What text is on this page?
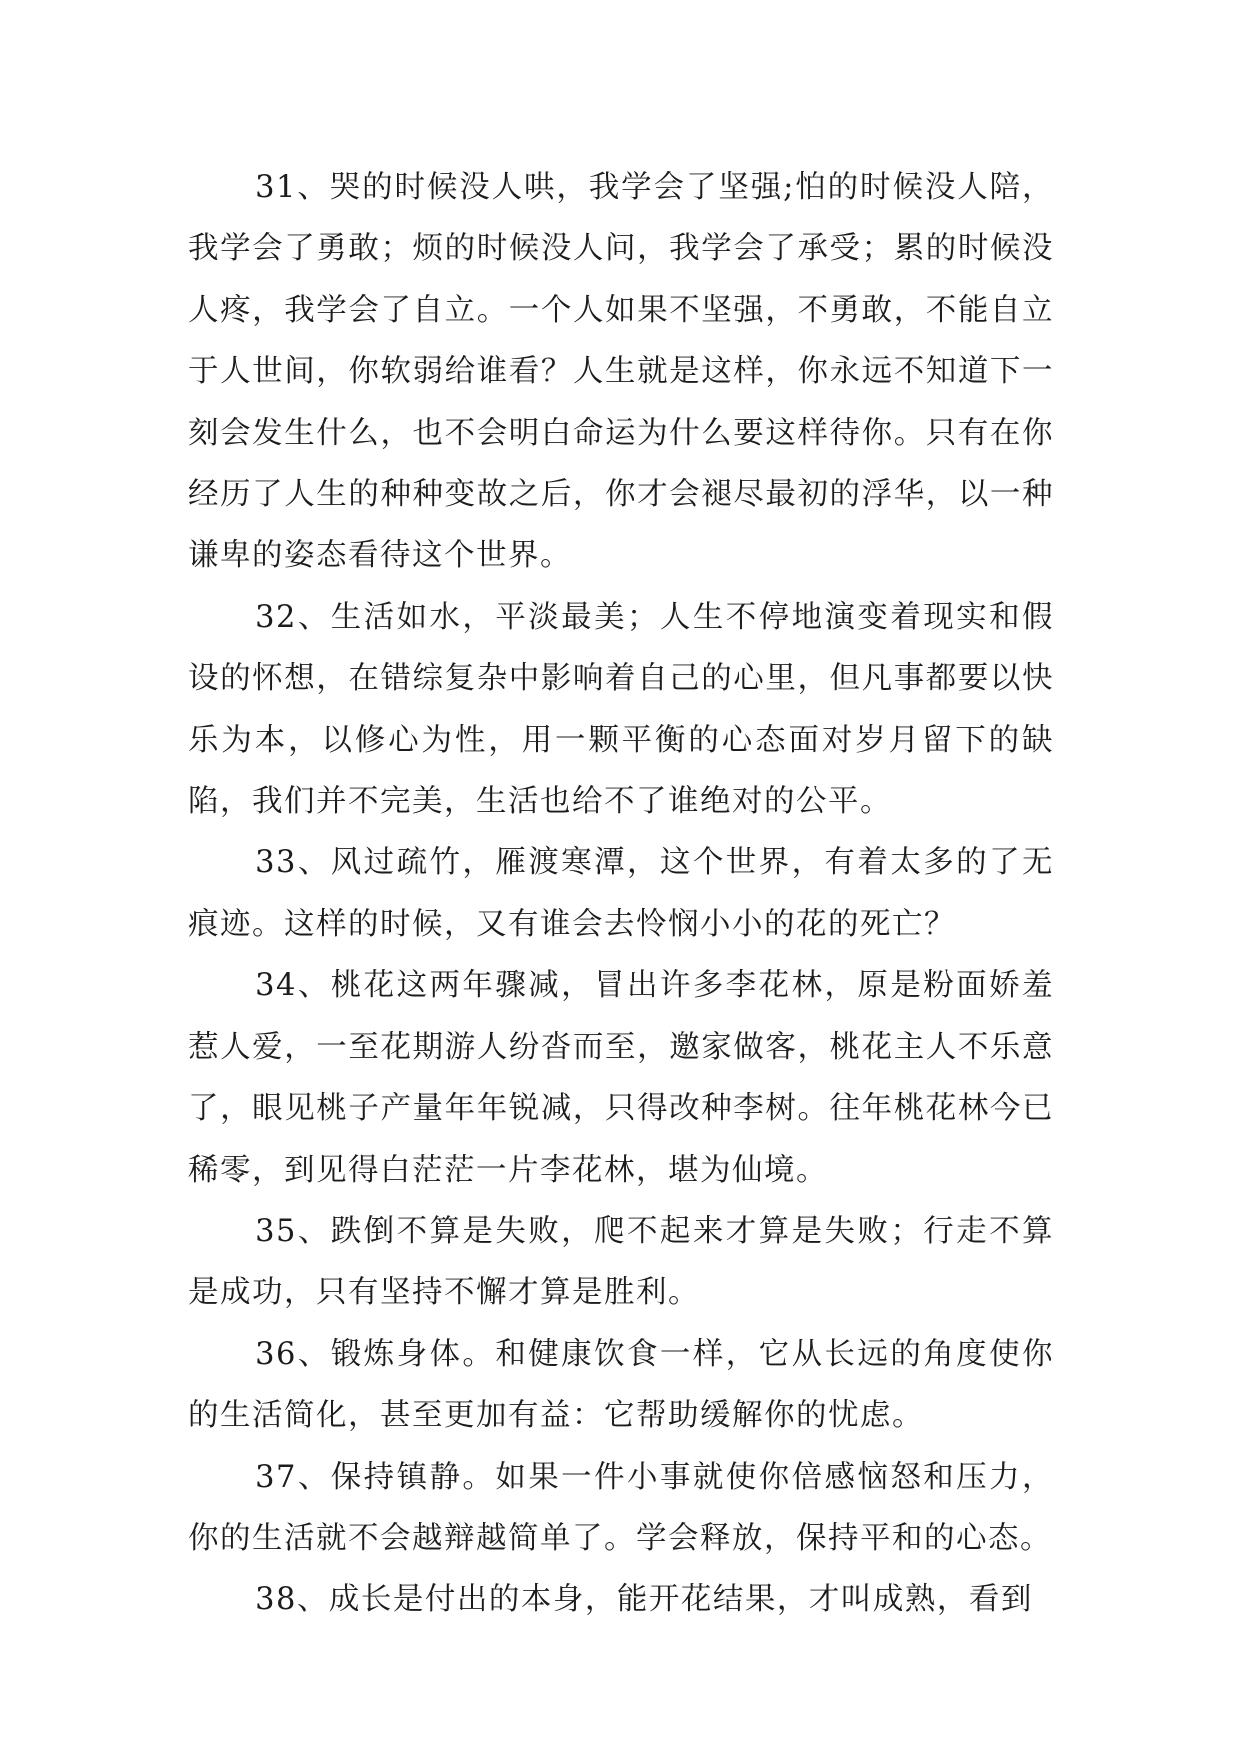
31、哭的时候没人哄，我学会了坚强;怕的时候没人陪，我学会了勇敢；烦的时候没人问，我学会了承受；累的时候没人疼，我学会了自立。一个人如果不坚强，不勇敢，不能自立于人世间，你软弱给谁看？人生就是这样，你永远不知道下一刻会发生什么，也不会明白命运为什么要这样待你。只有在你经历了人生的种种变故之后，你才会褪尽最初的浮华，以一种谦卑的姿态看待这个世界。

32、生活如水，平淡最美；人生不停地演变着现实和假设的怀想，在错综复杂中影响着自己的心里，但凡事都要以快乐为本，以修心为性，用一颗平衡的心态面对岁月留下的缺陷，我们并不完美，生活也给不了谁绝对的公平。

33、风过疏竹，雁渡寒潭，这个世界，有着太多的了无痕迹。这样的时候，又有谁会去怜悯小小的花的死亡？

34、桃花这两年骤减，冒出许多李花林，原是粉面娇羞惹人爱，一至花期游人纷沓而至，邀家做客，桃花主人不乐意了，眼见桃子产量年年锐减，只得改种李树。往年桃花林今已稀零，到见得白茫茫一片李花林，堪为仙境。

35、跌倒不算是失败，爬不起来才算是失败；行走不算是成功，只有坚持不懈才算是胜利。

36、锻炼身体。和健康饮食一样，它从长远的角度使你的生活简化，甚至更加有益：它帮助缓解你的忧虑。

37、保持镇静。如果一件小事就使你倍感恼怒和压力，你的生活就不会越辩越简单了。学会释放，保持平和的心态。

38、成长是付出的本身，能开花结果，才叫成熟，看到
